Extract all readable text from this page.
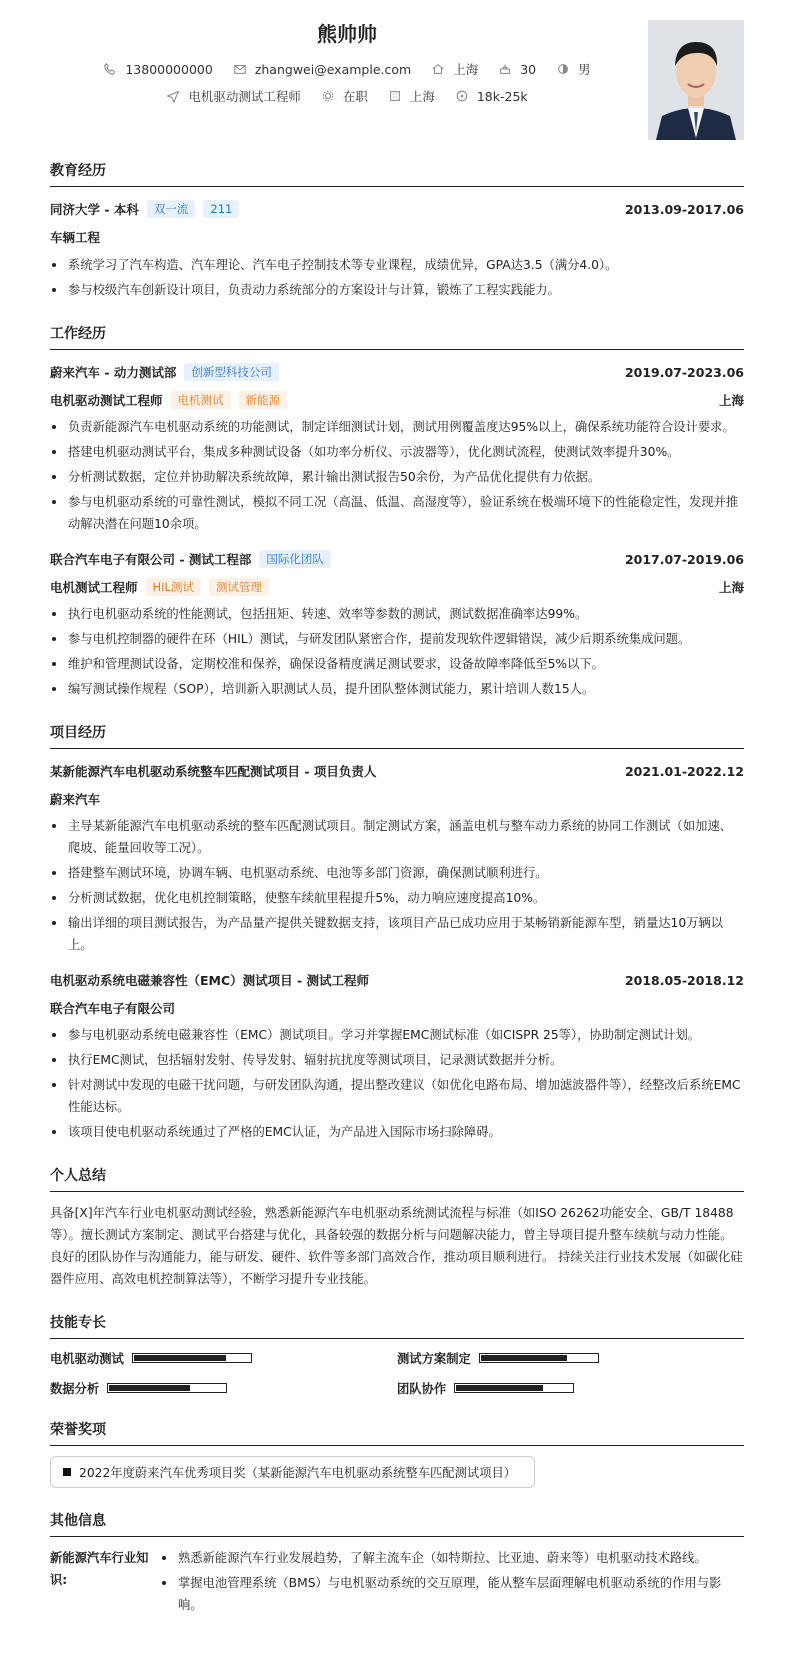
熊帅帅
13800000000	zhangwei@example.com	上海	30	男
电机驱动测试工程师	在职	上海	18k-25k
教育经历
同济大学 - 本科	双一流	211	2013.09-2017.06
车辆工程
系统学习了汽车构造、汽车理论、汽车电子控制技术等专业课程，成绩优异，GPA达3.5（满分4.0）。
参与校级汽车创新设计项目，负责动力系统部分的方案设计与计算，锻炼了工程实践能力。
工作经历
蔚来汽车 - 动力测试部	创新型科技公司	2019.07-2023.06
电机驱动测试工程师	电机测试	新能源	上海
负责新能源汽车电机驱动系统的功能测试，制定详细测试计划，测试用例覆盖度达95%以上，确保系统功能符合设计要求。
搭建电机驱动测试平台，集成多种测试设备（如功率分析仪、示波器等），优化测试流程，使测试效率提升30%。
分析测试数据，定位并协助解决系统故障，累计输出测试报告50余份，为产品优化提供有力依据。
参与电机驱动系统的可靠性测试，模拟不同工况（高温、低温、高湿度等），验证系统在极端环境下的性能稳定性，发现并推动解决潜在问题10余项。
联合汽车电子有限公司 - 测试工程部	国际化团队	2017.07-2019.06
电机测试工程师	HIL测试	测试管理	上海
执行电机驱动系统的性能测试，包括扭矩、转速、效率等参数的测试，测试数据准确率达99%。
参与电机控制器的硬件在环（HIL）测试，与研发团队紧密合作，提前发现软件逻辑错误，减少后期系统集成问题。
维护和管理测试设备，定期校准和保养，确保设备精度满足测试要求，设备故障率降低至5%以下。
编写测试操作规程（SOP），培训新入职测试人员，提升团队整体测试能力，累计培训人数15人。
项目经历
某新能源汽车电机驱动系统整车匹配测试项目 - 项目负责人	2021.01-2022.12
蔚来汽车
主导某新能源汽车电机驱动系统的整车匹配测试项目。制定测试方案，涵盖电机与整车动力系统的协同工作测试（如加速、爬坡、能量回收等工况）。
搭建整车测试环境，协调车辆、电机驱动系统、电池等多部门资源，确保测试顺利进行。
分析测试数据，优化电机控制策略，使整车续航里程提升5%，动力响应速度提高10%。
输出详细的项目测试报告，为产品量产提供关键数据支持，该项目产品已成功应用于某畅销新能源车型，销量达10万辆以上。
电机驱动系统电磁兼容性（EMC）测试项目 - 测试工程师	2018.05-2018.12
联合汽车电子有限公司
参与电机驱动系统电磁兼容性（EMC）测试项目。学习并掌握EMC测试标准（如CISPR 25等），协助制定测试计划。
执行EMC测试，包括辐射发射、传导发射、辐射抗扰度等测试项目，记录测试数据并分析。
针对测试中发现的电磁干扰问题，与研发团队沟通，提出整改建议（如优化电路布局、增加滤波器件等），经整改后系统EMC性能达标。
该项目使电机驱动系统通过了严格的EMC认证，为产品进入国际市场扫除障碍。
个人总结
具备[X]年汽车行业电机驱动测试经验，熟悉新能源汽车电机驱动系统测试流程与标准（如ISO 26262功能安全、GB/T 18488等）。擅长测试方案制定、测试平台搭建与优化，具备较强的数据分析与问题解决能力，曾主导项目提升整车续航与动力性能。 良好的团队协作与沟通能力，能与研发、硬件、软件等多部门高效合作，推动项目顺利进行。 持续关注行业技术发展（如碳化硅器件应用、高效电机控制算法等），不断学习提升专业技能。
技能专长
电机驱动测试	测试方案制定
数据分析	团队协作
荣誉奖项
2022年度蔚来汽车优秀项目奖（某新能源汽车电机驱动系统整车匹配测试项目）
其他信息
新能源汽车行业知识:
熟悉新能源汽车行业发展趋势，了解主流车企（如特斯拉、比亚迪、蔚来等）电机驱动技术路线。
掌握电池管理系统（BMS）与电机驱动系统的交互原理，能从整车层面理解电机驱动系统的作用与影响。
